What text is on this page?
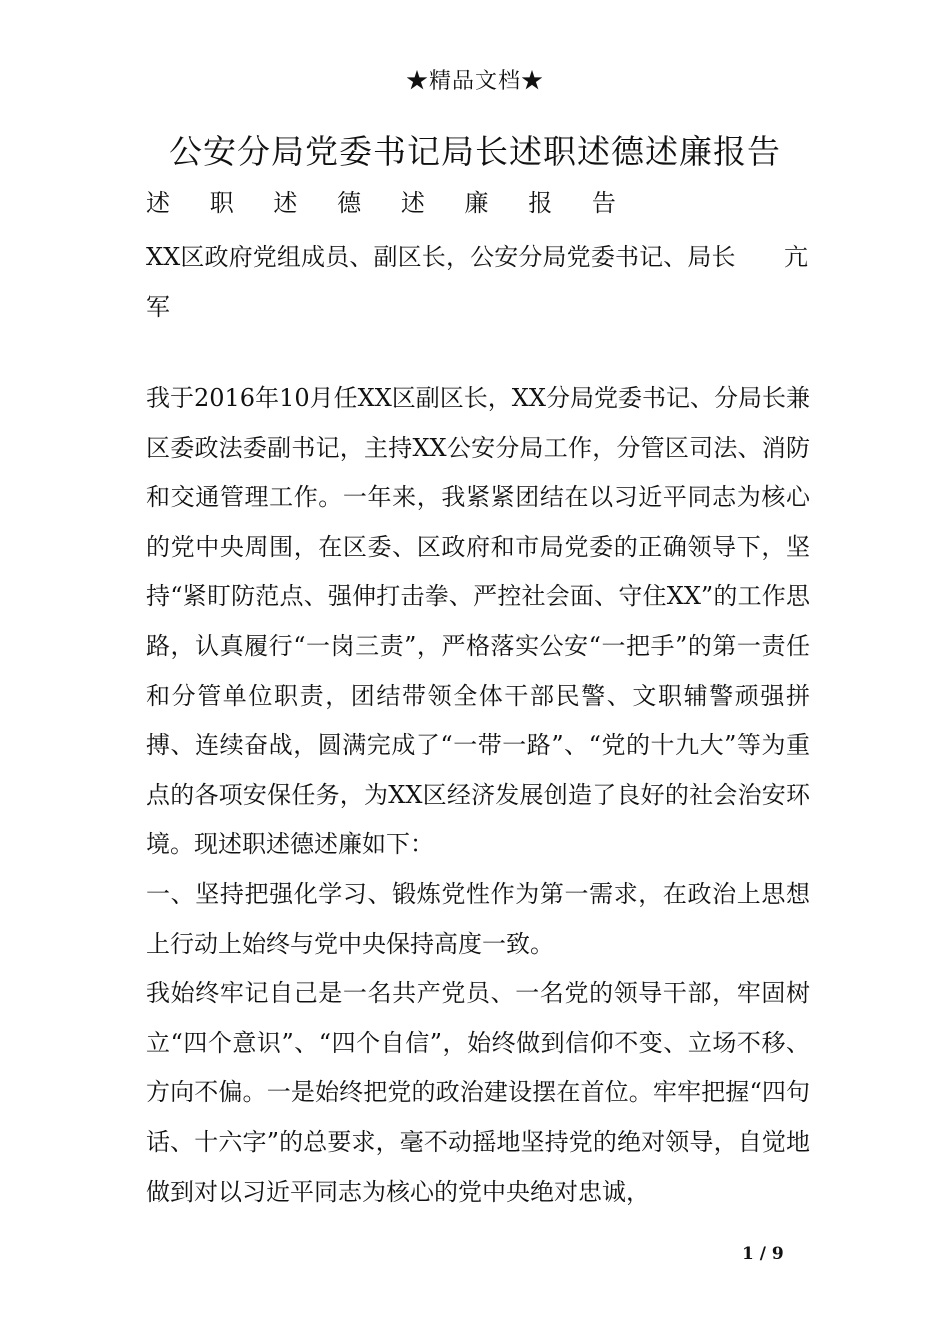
★精品文档★
公安分局党委书记局长述职述德述廉报告
述 职 述 德 述 廉 报 告
XX区政府党组成员、副区长，公安分局党委书记、局长　　亢
军

我于2016年10月任XX区副区长，XX分局党委书记、分局长兼区委政法委副书记，主持XX公安分局工作，分管区司法、消防和交通管理工作。一年来，我紧紧团结在以习近平同志为核心的党中央周围，在区委、区政府和市局党委的正确领导下，坚持“紧盯防范点、强伸打击拳、严控社会面、守住XX”的工作思路，认真履行“一岗三责”，严格落实公安“一把手”的第一责任和分管单位职责，团结带领全体干部民警、文职辅警顽强拼搏、连续奋战，圆满完成了“一带一路”、“党的十九大”等为重点的各项安保任务，为XX区经济发展创造了良好的社会治安环境。现述职述德述廉如下：

一、坚持把强化学习、锻炼党性作为第一需求，在政治上思想上行动上始终与党中央保持高度一致。

我始终牢记自己是一名共产党员、一名党的领导干部，牢固树立“四个意识”、“四个自信”，始终做到信仰不变、立场不移、方向不偏。一是始终把党的政治建设摆在首位。牢牢把握“四句话、十六字”的总要求，毫不动摇地坚持党的绝对领导，自觉地做到对以习近平同志为核心的党中央绝对忠诚，

1 / 9
